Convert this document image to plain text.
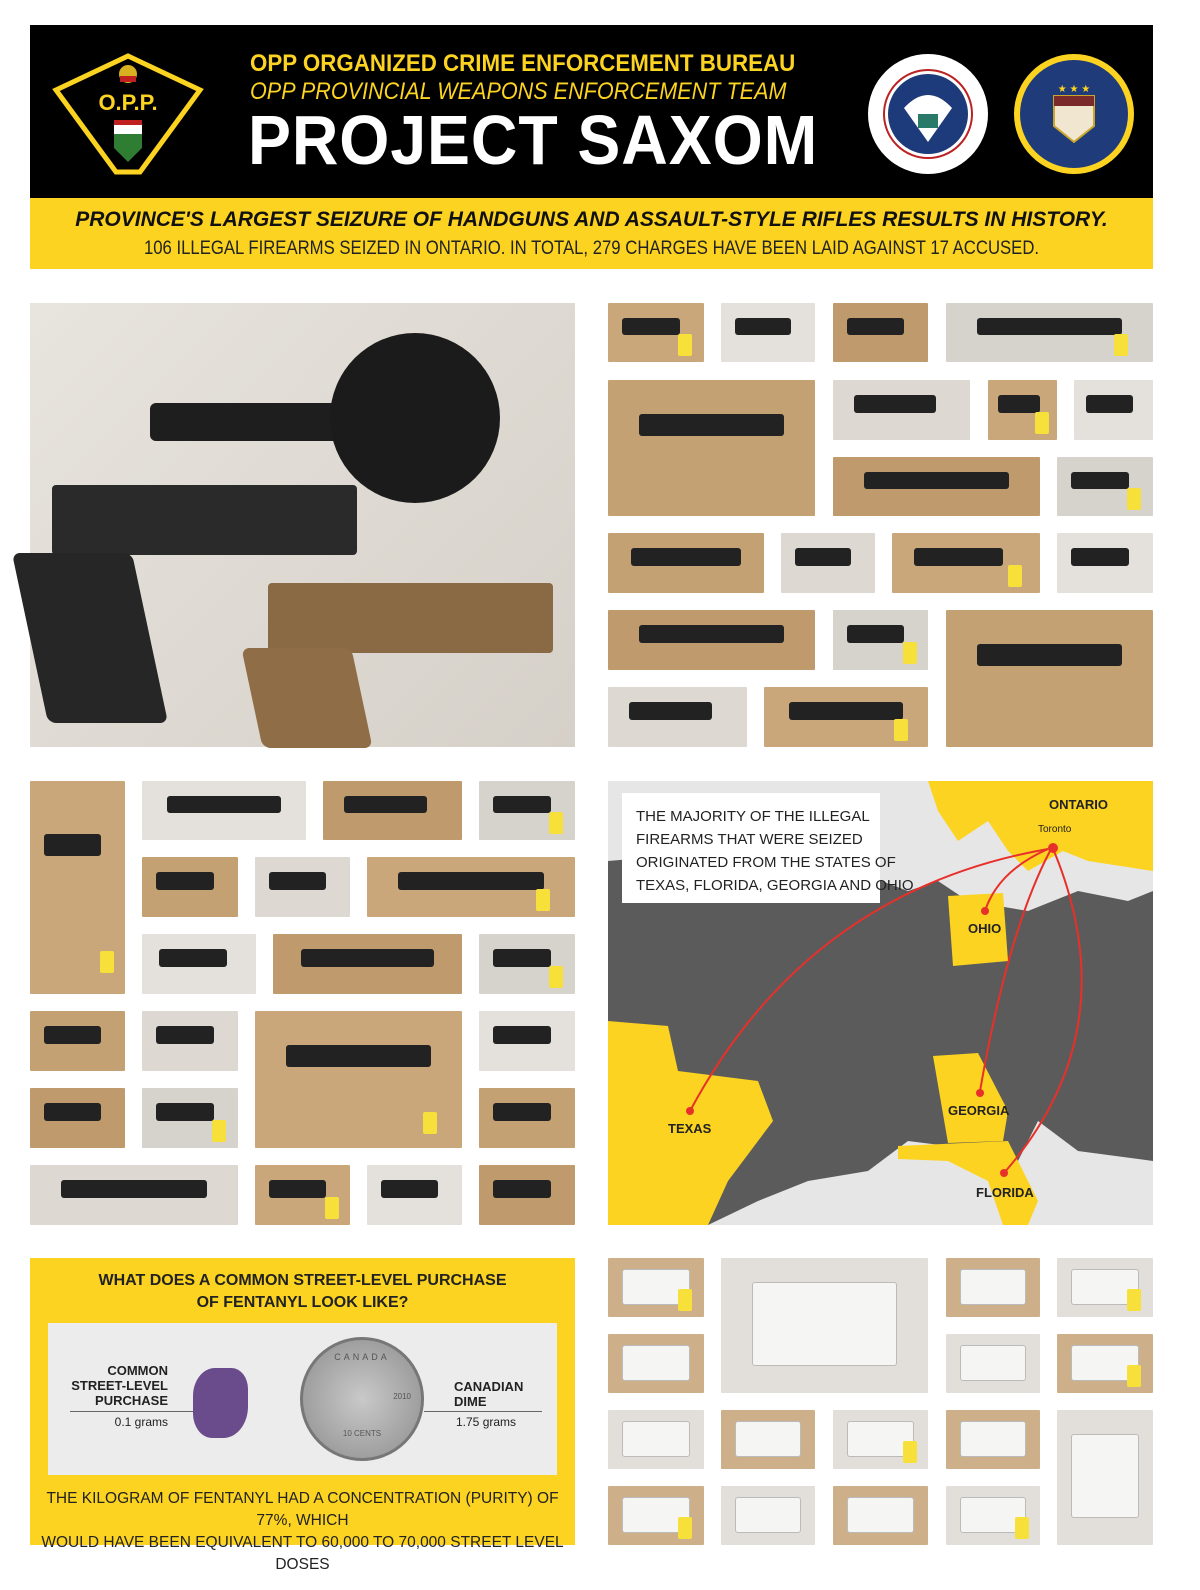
O.P.P.
OPP ORGANIZED CRIME ENFORCEMENT BUREAU
OPP PROVINCIAL WEAPONS ENFORCEMENT TEAM
PROJECT SAXOM
★ ★ ★
PROVINCE'S LARGEST SEIZURE OF HANDGUNS AND ASSAULT-STYLE RIFLES RESULTS IN HISTORY.
106 ILLEGAL FIREARMS SEIZED IN ONTARIO. IN TOTAL, 279 CHARGES HAVE BEEN LAID AGAINST 17 ACCUSED.
THE MAJORITY OF THE ILLEGAL FIREARMS THAT WERE SEIZED ORIGINATED FROM THE STATES OF TEXAS, FLORIDA, GEORGIA AND OHIO
ONTARIO
Toronto
OHIO
GEORGIA
TEXAS
FLORIDA
WHAT DOES A COMMON STREET-LEVEL PURCHASE
OF FENTANYL LOOK LIKE?
COMMON
STREET-LEVEL
PURCHASE
0.1 grams
CANADA
2010
10 CENTS
CANADIAN
DIME
1.75 grams
THE KILOGRAM OF FENTANYL HAD A CONCENTRATION (PURITY) OF 77%, WHICH
WOULD HAVE BEEN EQUIVALENT TO 60,000 TO 70,000 STREET LEVEL DOSES
